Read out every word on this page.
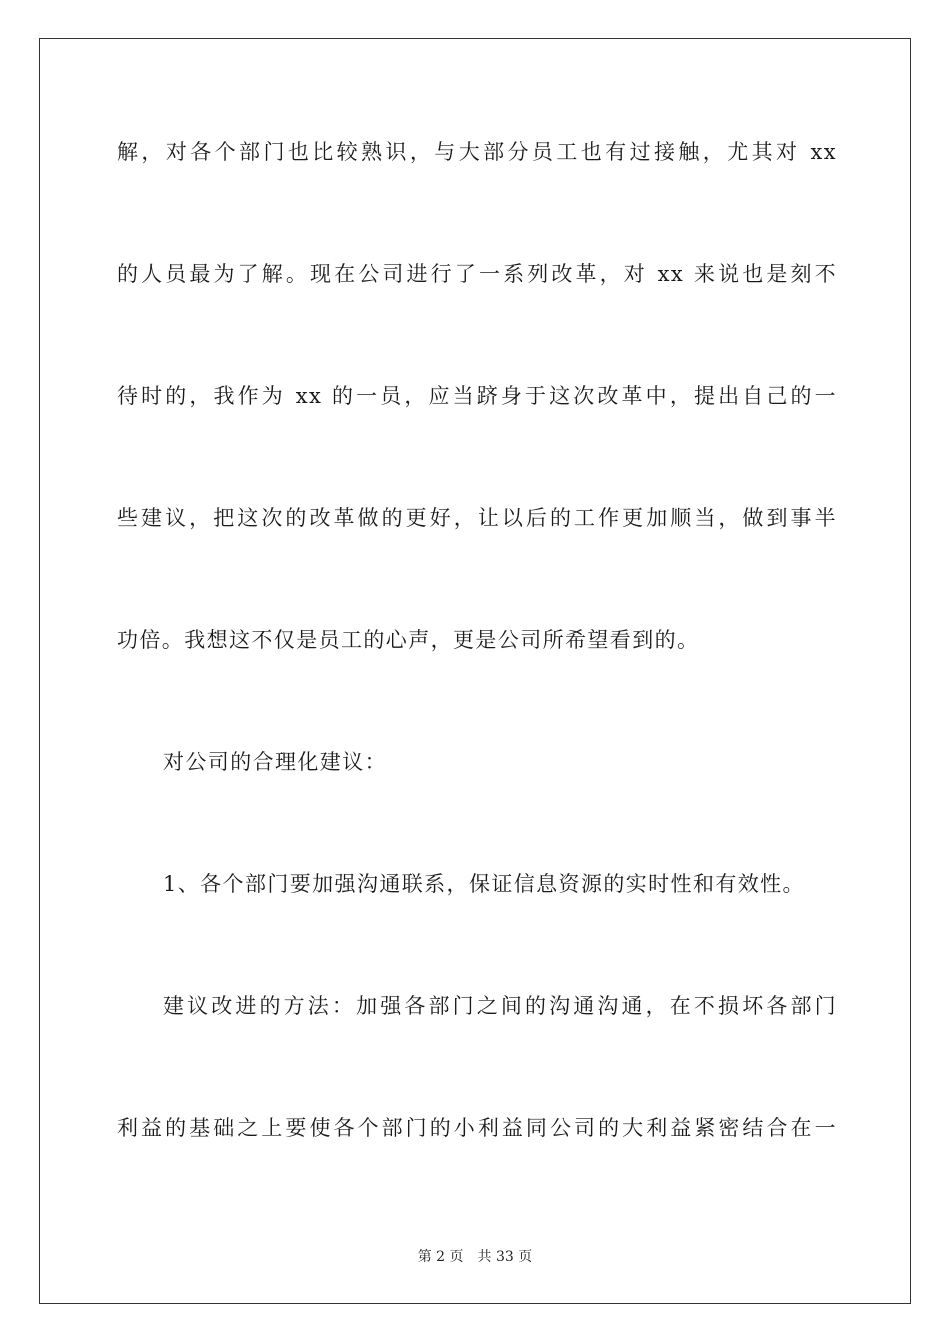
解，对各个部门也比较熟识，与大部分员工也有过接触，尤其对 xx
的人员最为了解。现在公司进行了一系列改革，对 xx 来说也是刻不
待时的，我作为 xx 的一员，应当跻身于这次改革中，提出自己的一
些建议，把这次的改革做的更好，让以后的工作更加顺当，做到事半
功倍。我想这不仅是员工的心声，更是公司所希望看到的。
对公司的合理化建议：
1、各个部门要加强沟通联系，保证信息资源的实时性和有效性。
建议改进的方法：加强各部门之间的沟通沟通，在不损坏各部门
利益的基础之上要使各个部门的小利益同公司的大利益紧密结合在一
第 2 页 共 33 页
